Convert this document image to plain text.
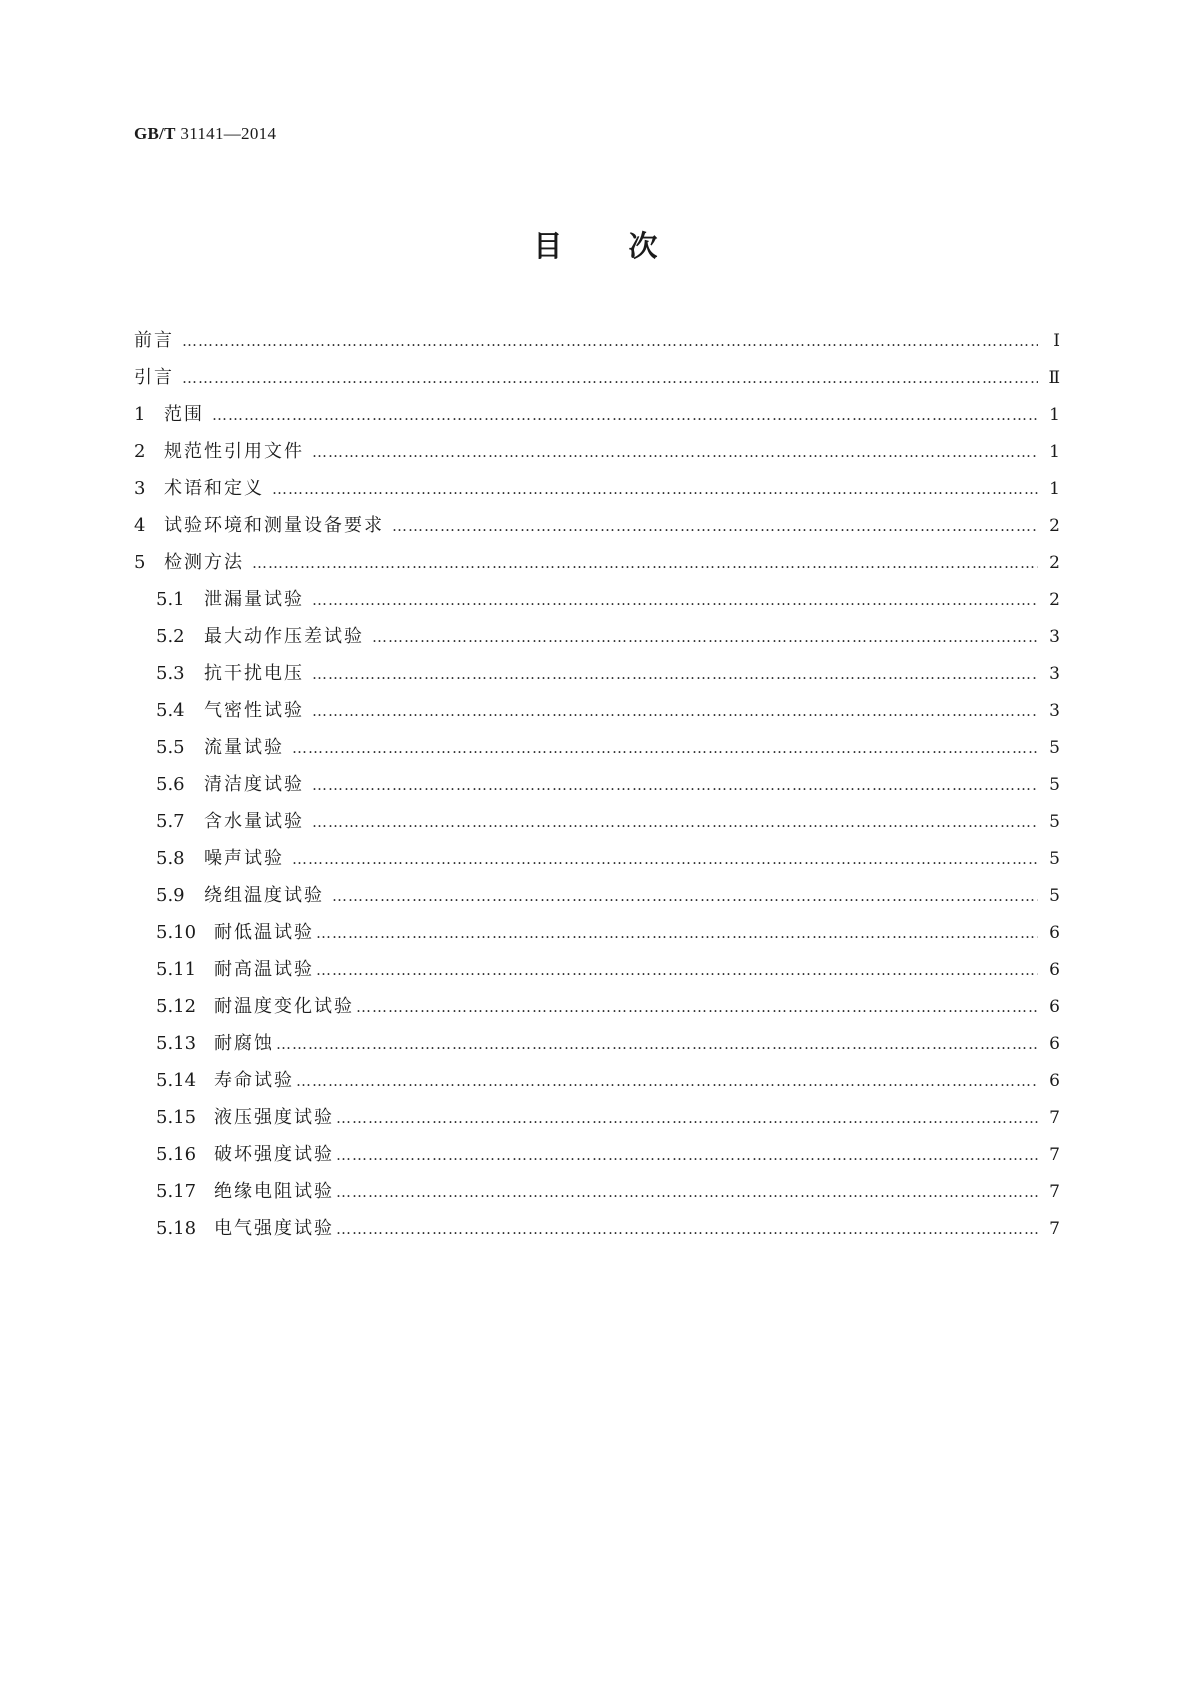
GB/T 31141—2014
目 次
前言 …………………………………………………………………………………………………………………………………………………………………………………………………………………………	Ⅰ
引言 …………………………………………………………………………………………………………………………………………………………………………………………………………………………	Ⅱ
1	范围 …………………………………………………………………………………………………………………………………………………………………………………………………………………………	1
2	规范性引用文件 …………………………………………………………………………………………………………………………………………………………………………………………………………………………	1
3	术语和定义 …………………………………………………………………………………………………………………………………………………………………………………………………………………………	1
4	试验环境和测量设备要求 …………………………………………………………………………………………………………………………………………………………………………………………………………………………	2
5	检测方法 …………………………………………………………………………………………………………………………………………………………………………………………………………………………	2
5.1	泄漏量试验 …………………………………………………………………………………………………………………………………………………………………………………………………………………………	2
5.2	最大动作压差试验 …………………………………………………………………………………………………………………………………………………………………………………………………………………………	3
5.3	抗干扰电压 …………………………………………………………………………………………………………………………………………………………………………………………………………………………	3
5.4	气密性试验 …………………………………………………………………………………………………………………………………………………………………………………………………………………………	3
5.5	流量试验 …………………………………………………………………………………………………………………………………………………………………………………………………………………………	5
5.6	清洁度试验 …………………………………………………………………………………………………………………………………………………………………………………………………………………………	5
5.7	含水量试验 …………………………………………………………………………………………………………………………………………………………………………………………………………………………	5
5.8	噪声试验 …………………………………………………………………………………………………………………………………………………………………………………………………………………………	5
5.9	绕组温度试验 …………………………………………………………………………………………………………………………………………………………………………………………………………………………	5
5.10 耐低温试验 …………………………………………………………………………………………………………………………………………………………………………………………………………………………	6
5.11 耐高温试验 …………………………………………………………………………………………………………………………………………………………………………………………………………………………	6
5.12 耐温度变化试验 …………………………………………………………………………………………………………………………………………………………………………………………………………………………	6
5.13 耐腐蚀 …………………………………………………………………………………………………………………………………………………………………………………………………………………………	6
5.14 寿命试验 …………………………………………………………………………………………………………………………………………………………………………………………………………………………	6
5.15 液压强度试验 …………………………………………………………………………………………………………………………………………………………………………………………………………………………	7
5.16 破坏强度试验 …………………………………………………………………………………………………………………………………………………………………………………………………………………………	7
5.17 绝缘电阻试验 …………………………………………………………………………………………………………………………………………………………………………………………………………………………	7
5.18 电气强度试验 …………………………………………………………………………………………………………………………………………………………………………………………………………………………	7
